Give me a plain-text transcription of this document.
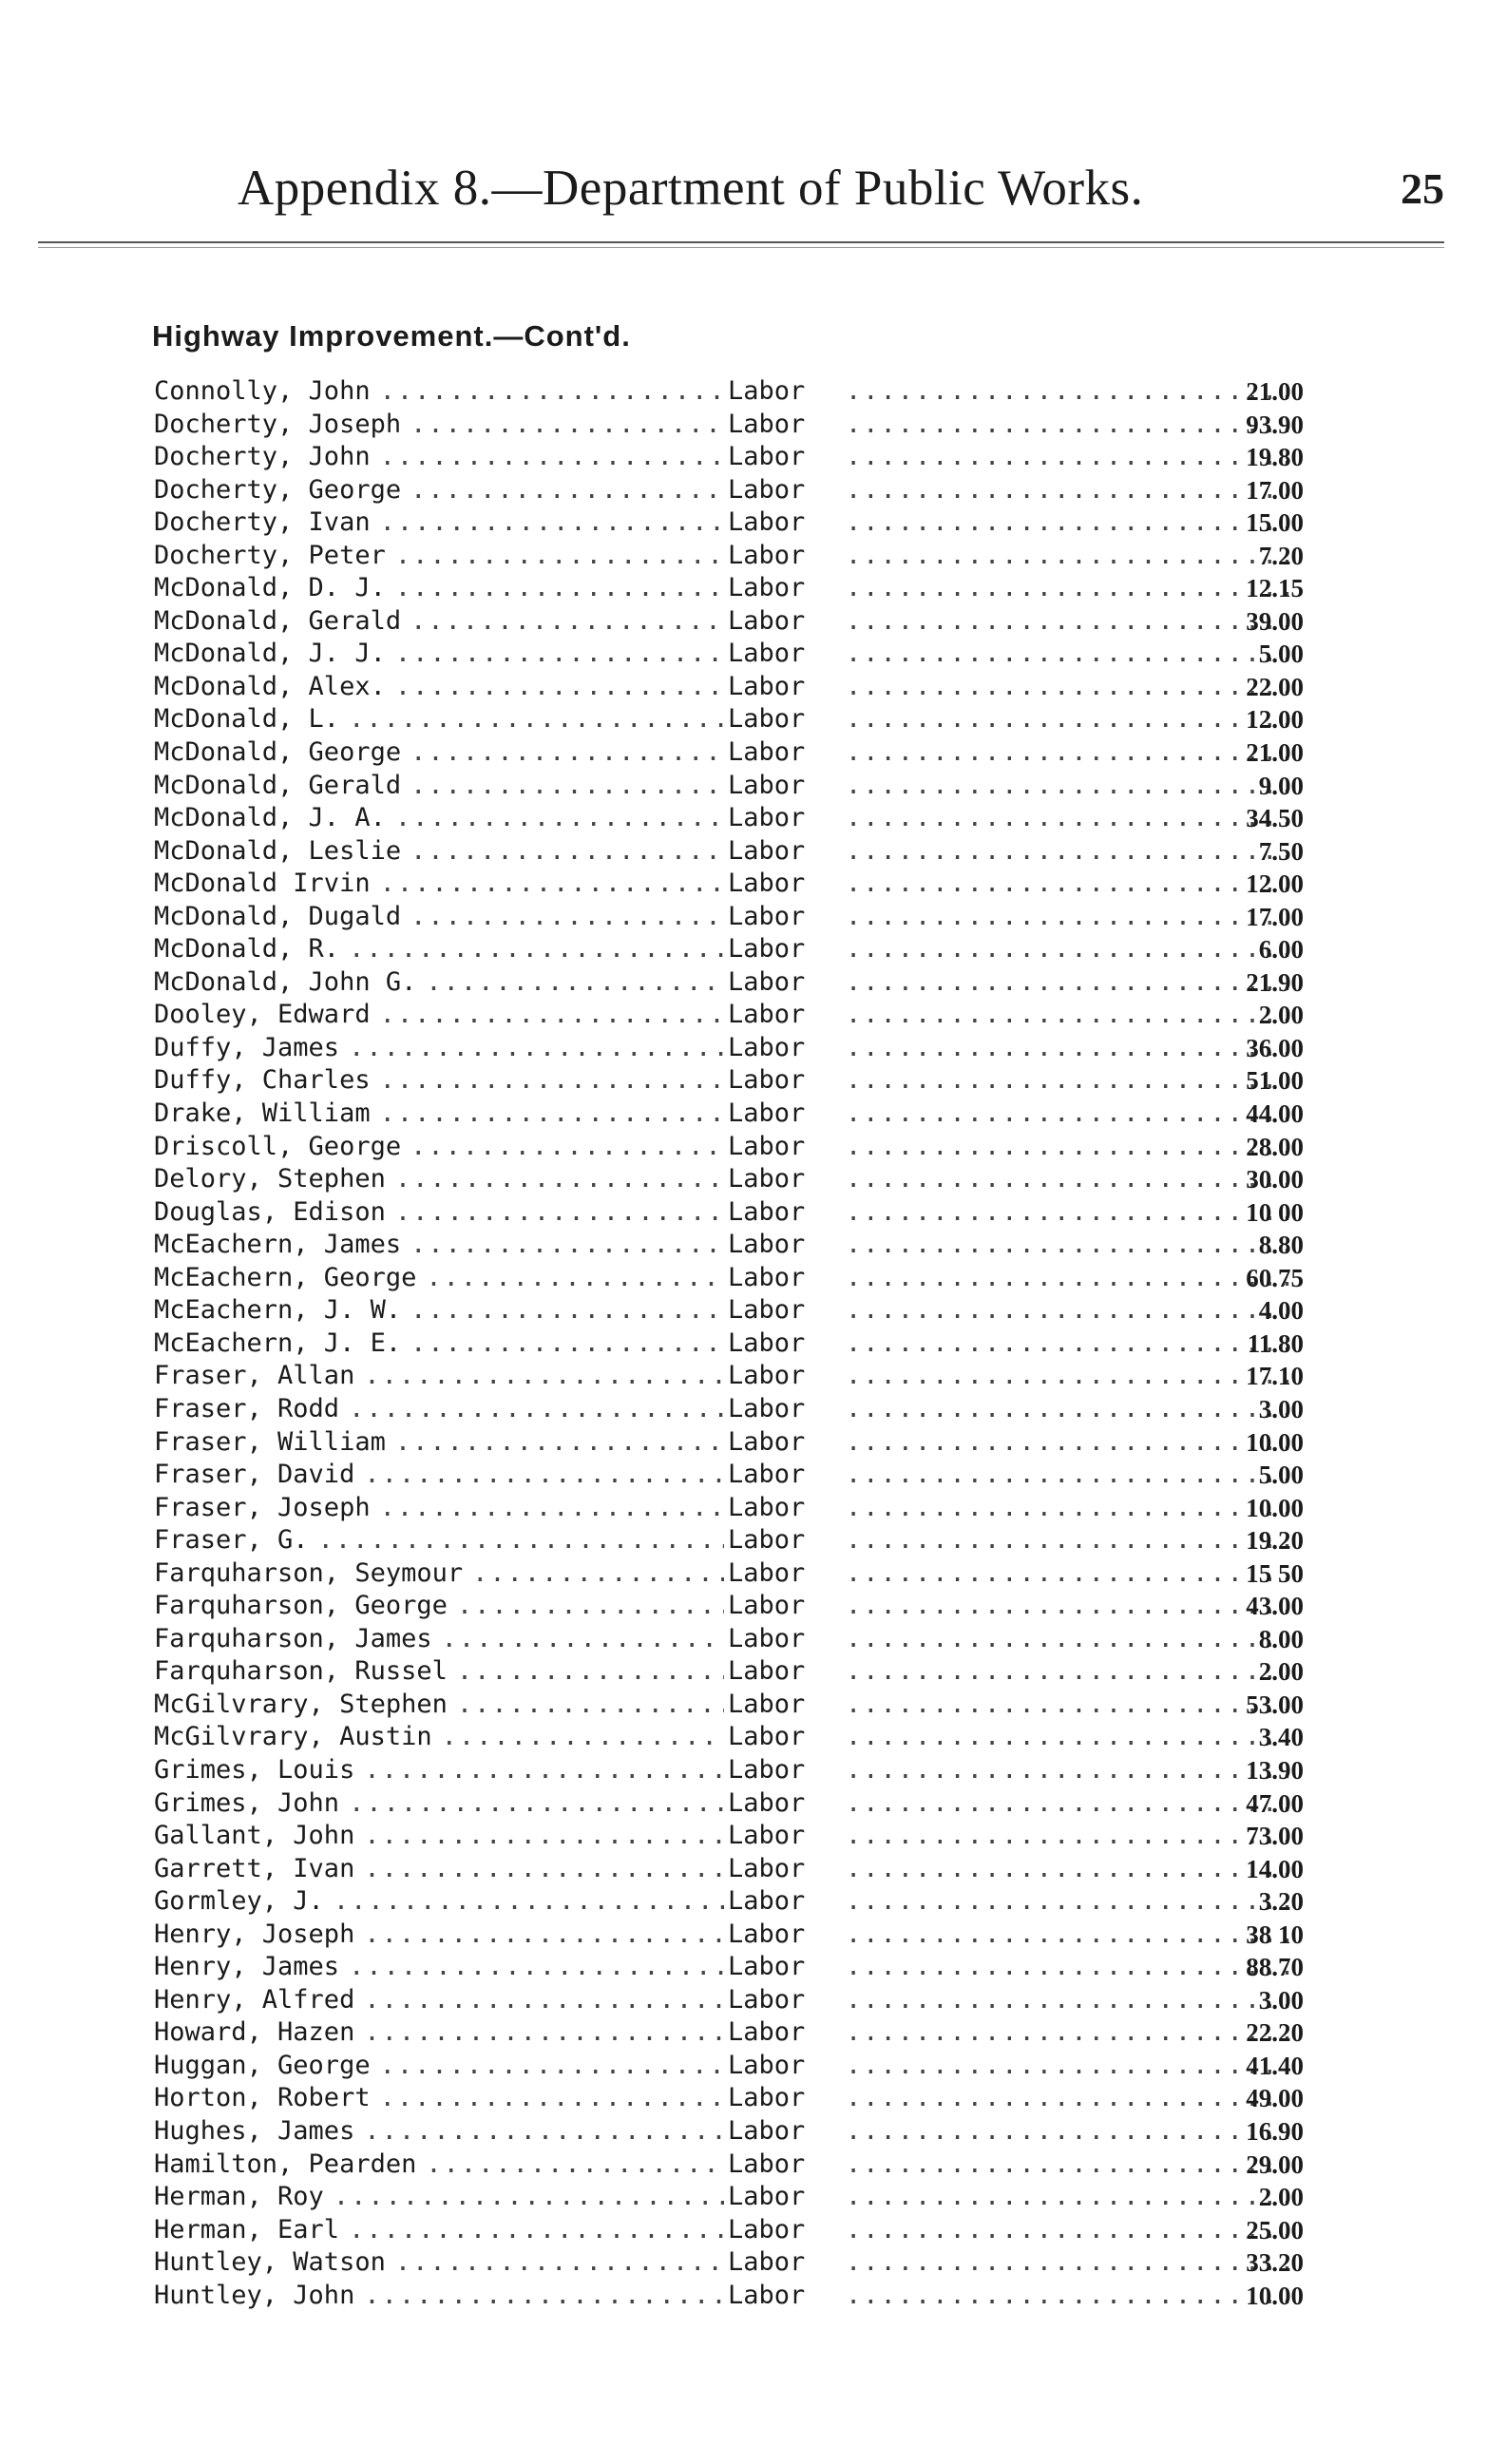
Appendix 8.—Department of Public Works.	25
Highway Improvement.—Cont'd.
Connolly, John .....	Labor .....	21.00
Docherty, Joseph .....	Labor .....	93.90
Docherty, John .....	Labor .....	19.80
Docherty, George .....	Labor .....	17.00
Docherty, Ivan .....	Labor .....	15.00
Docherty, Peter .....	Labor .....	7.20
McDonald, D. J. .....	Labor .....	12.15
McDonald, Gerald .....	Labor .....	39.00
McDonald, J. J. .....	Labor .....	5.00
McDonald, Alex. .....	Labor .....	22.00
McDonald, L. .....	Labor .....	12.00
McDonald, George .....	Labor .....	21.00
McDonald, Gerald .....	Labor .....	9.00
McDonald, J. A. .....	Labor .....	34.50
McDonald, Leslie .....	Labor .....	7.50
McDonald Irvin .....	Labor .....	12.00
McDonald, Dugald .....	Labor .....	17.00
McDonald, R. .....	Labor .....	6.00
McDonald, John G. .....	Labor .....	21.90
Dooley, Edward .....	Labor .....	2.00
Duffy, James .....	Labor .....	36.00
Duffy, Charles .....	Labor .....	51.00
Drake, William .....	Labor .....	44.00
Driscoll, George .....	Labor .....	28.00
Delory, Stephen .....	Labor .....	30.00
Douglas, Edison .....	Labor .....	10 00
McEachern, James .....	Labor .....	8.80
McEachern, George .....	Labor .....	60.75
McEachern, J. W. .....	Labor .....	4.00
McEachern, J. E. .....	Labor .....	11.80
Fraser, Allan .....	Labor .....	17.10
Fraser, Rodd .....	Labor .....	3.00
Fraser, William .....	Labor .....	10.00
Fraser, David .....	Labor .....	5.00
Fraser, Joseph .....	Labor .....	10.00
Fraser, G. .....	Labor .....	19.20
Farquharson, Seymour .....	Labor .....	15 50
Farquharson, George .....	Labor .....	43.00
Farquharson, James .....	Labor .....	8.00
Farquharson, Russel .....	Labor .....	2.00
McGilvrary, Stephen .....	Labor .....	53.00
McGilvrary, Austin .....	Labor .....	3.40
Grimes, Louis .....	Labor .....	13.90
Grimes, John .....	Labor .....	47.00
Gallant, John .....	Labor .....	73.00
Garrett, Ivan .....	Labor .....	14.00
Gormley, J. .....	Labor .....	3.20
Henry, Joseph .....	Labor .....	38 10
Henry, James .....	Labor .....	88.70
Henry, Alfred .....	Labor .....	3.00
Howard, Hazen .....	Labor .....	22.20
Huggan, George .....	Labor .....	41.40
Horton, Robert .....	Labor .....	49.00
Hughes, James .....	Labor .....	16.90
Hamilton, Pearden .....	Labor .....	29.00
Herman, Roy .....	Labor .....	2.00
Herman, Earl .....	Labor .....	25.00
Huntley, Watson .....	Labor .....	33.20
Huntley, John .....	Labor .....	10.00
